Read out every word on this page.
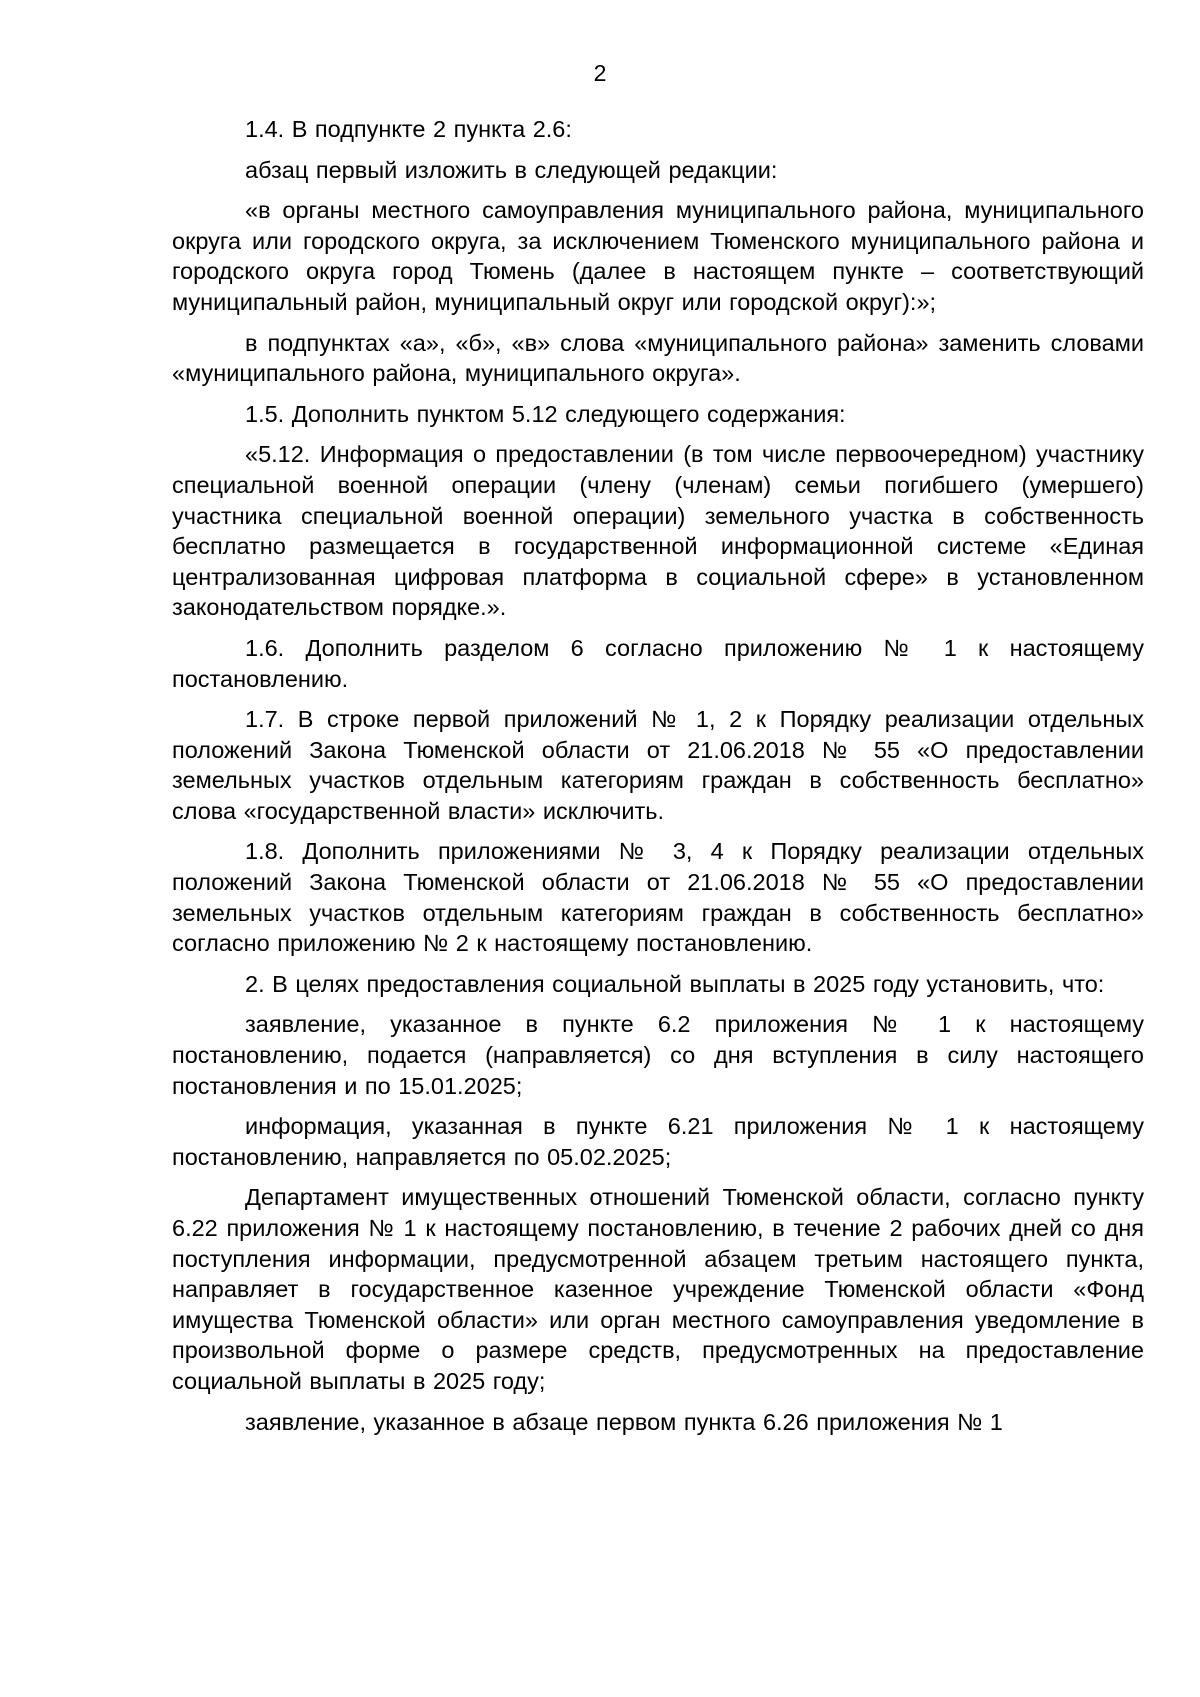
2

1.4. В подпункте 2 пункта 2.6:

абзац первый изложить в следующей редакции:

«в органы местного самоуправления муниципального района, муниципального округа или городского округа, за исключением Тюменского муниципального района и городского округа город Тюмень (далее в настоящем пункте – соответствующий муниципальный район, муниципальный округ или городской округ):»;

в подпунктах «а», «б», «в» слова «муниципального района» заменить словами «муниципального района, муниципального округа».

1.5. Дополнить пунктом 5.12 следующего содержания:

«5.12. Информация о предоставлении (в том числе первоочередном) участнику специальной военной операции (члену (членам) семьи погибшего (умершего) участника специальной военной операции) земельного участка в собственность бесплатно размещается в государственной информационной системе «Единая централизованная цифровая платформа в социальной сфере» в установленном законодательством порядке.».

1.6. Дополнить разделом 6 согласно приложению № 1 к настоящему постановлению.

1.7. В строке первой приложений № 1, 2 к Порядку реализации отдельных положений Закона Тюменской области от 21.06.2018 № 55 «О предоставлении земельных участков отдельным категориям граждан в собственность бесплатно» слова «государственной власти» исключить.

1.8. Дополнить приложениями № 3, 4 к Порядку реализации отдельных положений Закона Тюменской области от 21.06.2018 № 55 «О предоставлении земельных участков отдельным категориям граждан в собственность бесплатно» согласно приложению № 2 к настоящему постановлению.

2. В целях предоставления социальной выплаты в 2025 году установить, что:

заявление, указанное в пункте 6.2 приложения № 1 к настоящему постановлению, подается (направляется) со дня вступления в силу настоящего постановления и по 15.01.2025;

информация, указанная в пункте 6.21 приложения № 1 к настоящему постановлению, направляется по 05.02.2025;

Департамент имущественных отношений Тюменской области, согласно пункту 6.22 приложения № 1 к настоящему постановлению, в течение 2 рабочих дней со дня поступления информации, предусмотренной абзацем третьим настоящего пункта, направляет в государственное казенное учреждение Тюменской области «Фонд имущества Тюменской области» или орган местного самоуправления уведомление в произвольной форме о размере средств, предусмотренных на предоставление социальной выплаты в 2025 году;

заявление, указанное в абзаце первом пункта 6.26 приложения № 1
